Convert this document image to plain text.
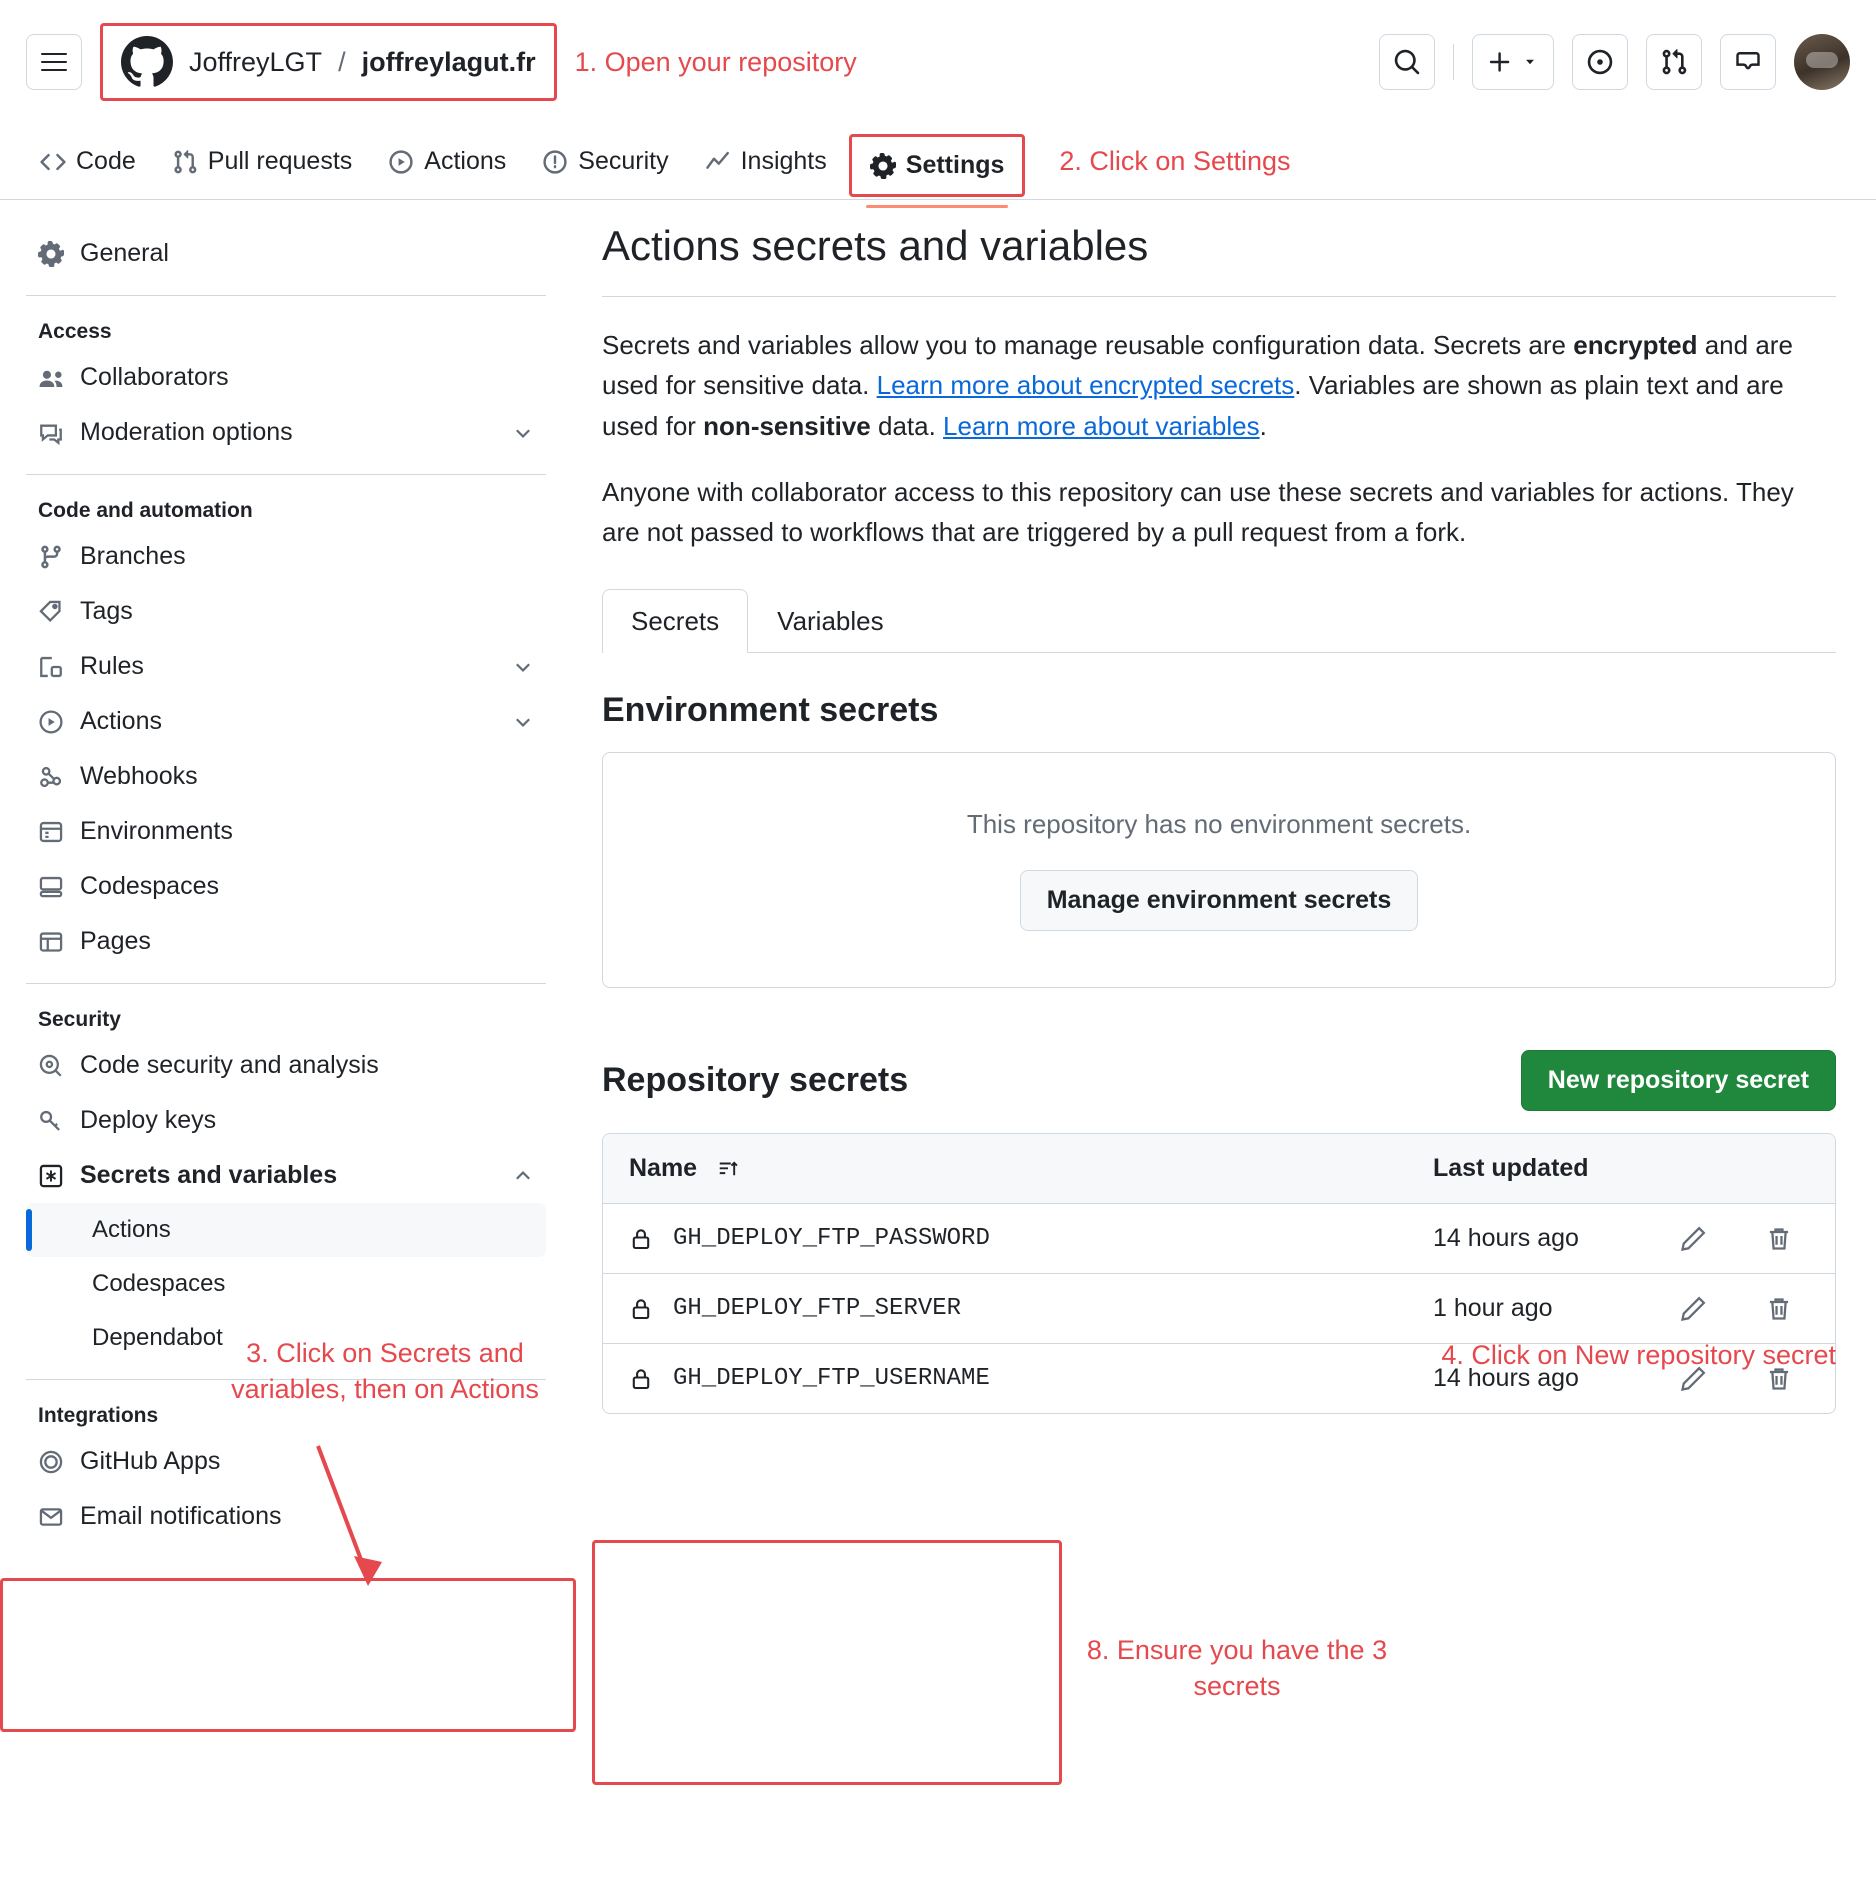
JoffreyLGT / joffreylagut.fr 1. Open your repository
Code	Pull requests	Actions	Security	Insights	Settings 2. Click on Settings
General
Access
Collaborators
Moderation options
Code and automation
Branches
Tags
Rules
Actions
Webhooks
Environments
Codespaces
Pages
Security
Code security and analysis
Deploy keys
Secrets and variables
Actions
Codespaces
Dependabot
Integrations
GitHub Apps
Email notifications
3. Click on Secrets and variables, then on Actions
Actions secrets and variables

Secrets and variables allow you to manage reusable configuration data. Secrets are encrypted and are used for sensitive data. Learn more about encrypted secrets. Variables are shown as plain text and are used for non-sensitive data. Learn more about variables.

Anyone with collaborator access to this repository can use these secrets and variables for actions. They are not passed to workflows that are triggered by a pull request from a fork.

Secrets	Variables
Environment secrets
This repository has no environment secrets.
Manage environment secrets
4. Click on New repository secret
Repository secrets	New repository secret
Name	Last updated
GH_DEPLOY_FTP_PASSWORD	14 hours ago
GH_DEPLOY_FTP_SERVER	1 hour ago
GH_DEPLOY_FTP_USERNAME	14 hours ago
8. Ensure you have the 3 secrets
